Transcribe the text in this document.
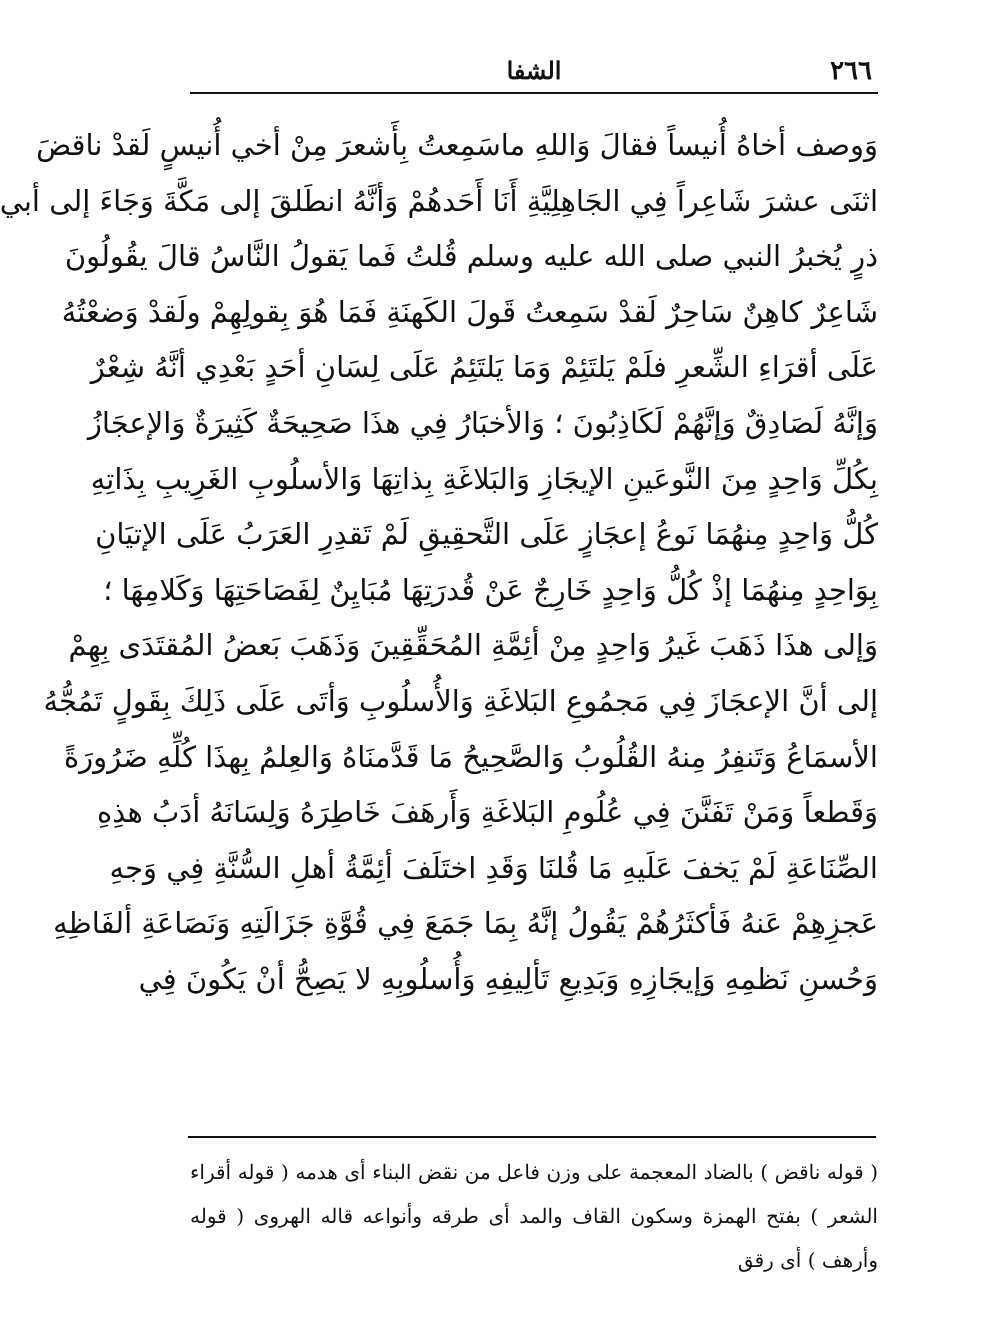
٢٦٦
الشفا
وَوصف أخاهُ أُنيساً فقالَ وَاللهِ ماسَمِعتُ بِأَشعرَ مِنْ أخي أُنيسٍ لَقدْ ناقضَ
اثنَى عشرَ شَاعِراً فِي الجَاهِلِيَّةِ أَنَا أَحَدهُمْ وَأنَّهُ انطَلقَ إلى مَكَّةَ وَجَاءَ إلى أبي
ذرٍ يُخبرُ النبي صلى الله عليه وسلم قُلتُ فَما يَقولُ النَّاسُ قالَ يقُولُونَ
شَاعِرٌ كاهِنٌ سَاحِرٌ لَقدْ سَمِعتُ قَولَ الكَهنَةِ فَمَا هُوَ بِقولِهِمْ ولَقدْ وَضعْتُهُ
عَلَى أقرَاءِ الشِّعرِ فلَمْ يَلتَئِمْ وَمَا يَلتَئِمُ عَلَى لِسَانِ أحَدٍ بَعْدِي أنَّهُ شِعْرٌ
وَإنَّهُ لَصَادِقٌ وَإنَّهُمْ لَكَاذِبُونَ ؛ وَالأخبَارُ فِي هذَا صَحِيحَةٌ كَثِيرَةٌ وَالإعجَازُ
بِكُلِّ وَاحِدٍ مِنَ النَّوعَينِ الإيجَازِ وَالبَلاغَةِ بِذاتِهَا وَالأسلُوبِ الغَرِيبِ بِذَاتِهِ
كُلُّ وَاحِدٍ مِنهُمَا نَوعُ إعجَازٍ عَلَى التَّحقِيقِ لَمْ تَقدِرِ العَرَبُ عَلَى الإتيَانِ
بِوَاحِدٍ مِنهُمَا إذْ كُلُّ وَاحِدٍ خَارِجٌ عَنْ قُدرَتِهَا مُبَايِنٌ لِفَصَاحَتِهَا وَكَلامِهَا ؛
وَإلى هذَا ذَهَبَ غَيرُ وَاحِدٍ مِنْ أئِمَّةِ المُحَقِّقِينَ وَذَهَبَ بَعضُ المُقتَدَى بِهِمْ
إلى أنَّ الإعجَازَ فِي مَجمُوعِ البَلاغَةِ وَالأُسلُوبِ وَأتَى عَلَى ذَلِكَ بِقَولٍ تَمُجُّهُ
الأسمَاعُ وَتَنفِرُ مِنهُ القُلُوبُ وَالصَّحِيحُ مَا قَدَّمنَاهُ وَالعِلمُ بِهذَا كُلِّهِ ضَرُورَةً
وَقَطعاً وَمَنْ تَفَنَّنَ فِي عُلُومِ البَلاغَةِ وَأَرهَفَ خَاطِرَهُ وَلِسَانَهُ أدَبُ هذِهِ
الصِّنَاعَةِ لَمْ يَخفَ عَلَيهِ مَا قُلنَا وَقَدِ اختَلَفَ أئِمَّةُ أهلِ السُّنَّةِ فِي وَجهِ
عَجزِهِمْ عَنهُ فَأكثَرُهُمْ يَقُولُ إنَّهُ بِمَا جَمَعَ فِي قُوَّةِ جَزَالَتِهِ وَنَصَاعَةِ ألفَاظِهِ
وَحُسنِ نَظمِهِ وَإيجَازِهِ وَبَدِيعِ تَألِيفِهِ وَأُسلُوبِهِ لا يَصِحُّ أنْ يَكُونَ فِي
( قوله ناقض ) بالضاد المعجمة على وزن فاعل من نقض البناء أى هدمه ( قوله أقراء
الشعر ) بفتح الهمزة وسكون القاف والمد أى طرقه وأنواعه قاله الهروى ( قوله
وأرهف ) أى رقق
